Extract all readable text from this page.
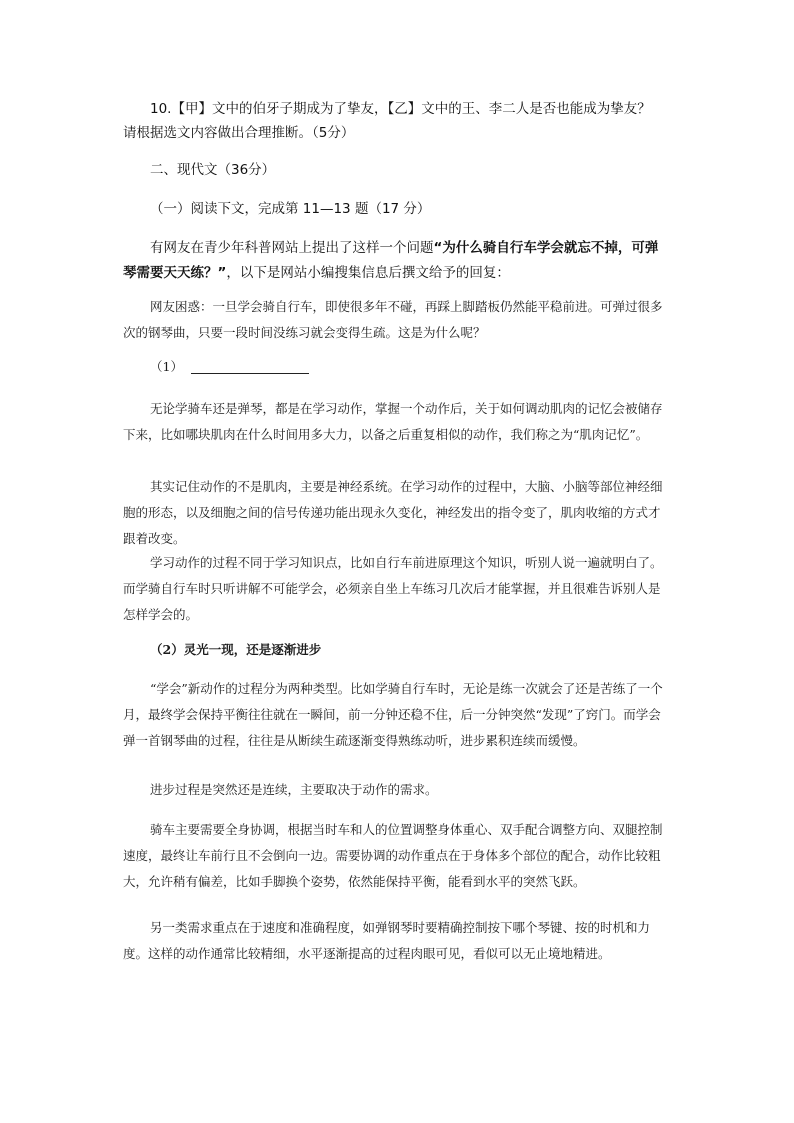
10.【甲】文中的伯牙子期成为了挚友，【乙】文中的王、李二人是否也能成为挚友？
请根据选文内容做出合理推断。（5分）
二、现代文（36分）
（一）阅读下文，完成第 11—13 题（17 分）

有网友在青少年科普网站上提出了这样一个问题“为什么骑自行车学会就忘不掉，可弹琴需要天天练？”，以下是网站小编搜集信息后撰文给予的回复：

网友困惑：一旦学会骑自行车，即使很多年不碰，再踩上脚踏板仍然能平稳前进。可弹过很多次的钢琴曲，只要一段时间没练习就会变得生疏。这是为什么呢？

（1）

无论学骑车还是弹琴，都是在学习动作，掌握一个动作后，关于如何调动肌肉的记忆会被储存下来，比如哪块肌肉在什么时间用多大力，以备之后重复相似的动作，我们称之为“肌肉记忆”。

其实记住动作的不是肌肉，主要是神经系统。在学习动作的过程中，大脑、小脑等部位神经细胞的形态，以及细胞之间的信号传递功能出现永久变化，神经发出的指令变了，肌肉收缩的方式才跟着改变。

学习动作的过程不同于学习知识点，比如自行车前进原理这个知识，听别人说一遍就明白了。而学骑自行车时只听讲解不可能学会，必须亲自坐上车练习几次后才能掌握，并且很难告诉别人是怎样学会的。

（2）灵光一现，还是逐渐进步

“学会”新动作的过程分为两种类型。比如学骑自行车时，无论是练一次就会了还是苦练了一个月，最终学会保持平衡往往就在一瞬间，前一分钟还稳不住，后一分钟突然“发现”了窍门。而学会弹一首钢琴曲的过程，往往是从断续生疏逐渐变得熟练动听，进步累积连续而缓慢。

进步过程是突然还是连续，主要取决于动作的需求。

骑车主要需要全身协调，根据当时车和人的位置调整身体重心、双手配合调整方向、双腿控制速度，最终让车前行且不会倒向一边。需要协调的动作重点在于身体多个部位的配合，动作比较粗大，允许稍有偏差，比如手脚换个姿势，依然能保持平衡，能看到水平的突然飞跃。

另一类需求重点在于速度和准确程度，如弹钢琴时要精确控制按下哪个琴键、按的时机和力度。这样的动作通常比较精细，水平逐渐提高的过程肉眼可见，看似可以无止境地精进。
